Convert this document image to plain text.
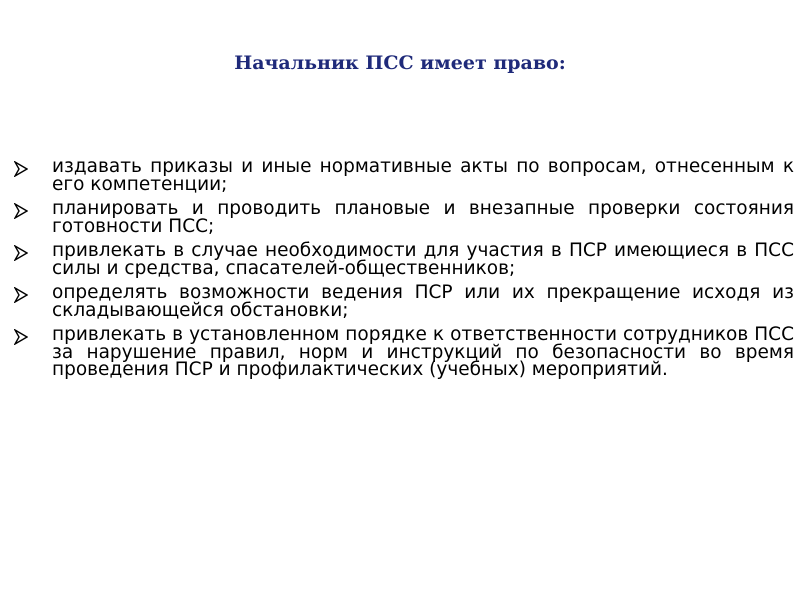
Начальник ПСС имеет право:
издавать приказы и иные нормативные акты по вопросам, отнесенным к его компетенции;
планировать и проводить плановые и внезапные проверки состояния готовности ПСС;
привлекать в случае необходимости для участия в ПСР имеющиеся в ПСС силы и средства, спасателей-общественников;
определять возможности ведения ПСР или их прекращение исходя из складывающейся обстановки;
привлекать в установленном порядке к ответственности сотрудников ПСС за нарушение правил, норм и инструкций по безопасности во время проведения ПСР и профилактических (учебных) мероприятий.
